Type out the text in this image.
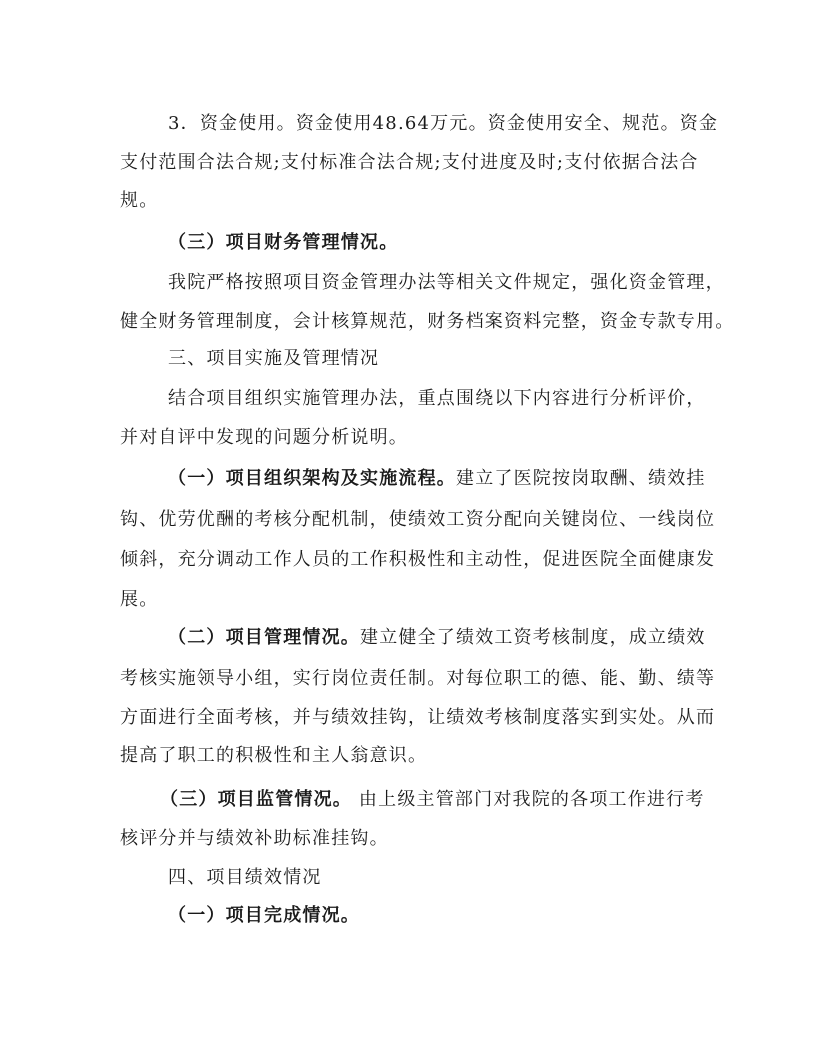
3．资金使用。资金使用48.64万元。资金使用安全、规范。资金
支付范围合法合规;支付标准合法合规;支付进度及时;支付依据合法合
规。
（三）项目财务管理情况。
我院严格按照项目资金管理办法等相关文件规定，强化资金管理，
健全财务管理制度，会计核算规范，财务档案资料完整，资金专款专用。
三、项目实施及管理情况
结合项目组织实施管理办法，重点围绕以下内容进行分析评价，
并对自评中发现的问题分析说明。
（一）项目组织架构及实施流程。建立了医院按岗取酬、绩效挂
钩、优劳优酬的考核分配机制，使绩效工资分配向关键岗位、一线岗位
倾斜，充分调动工作人员的工作积极性和主动性，促进医院全面健康发
展。
（二）项目管理情况。建立健全了绩效工资考核制度，成立绩效
考核实施领导小组，实行岗位责任制。对每位职工的德、能、勤、绩等
方面进行全面考核，并与绩效挂钩，让绩效考核制度落实到实处。从而
提高了职工的积极性和主人翁意识。
（三）项目监管情况。 由上级主管部门对我院的各项工作进行考
核评分并与绩效补助标准挂钩。
四、项目绩效情况
（一）项目完成情况。
